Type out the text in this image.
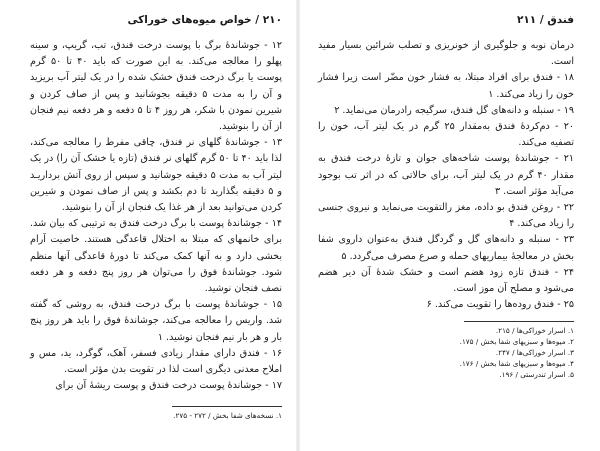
۲۱۰ / خواص میوه‌های خوراکی

۱۲ - جوشاندهٔ برگ با پوست درخت فندق، تب، گریپ، و سینه پهلو را معالجه می‌کند. به این صورت که باید ۴۰ تا ۵۰ گرم پوست یا برگ درخت فندق خشک شده را در یک لیتر آب بریزید و آن را به مدت ۵ دقیقه بجوشانید و پس از صاف کردن و شیرین نمودن با شکر، هر روز ۴ تا ۵ دفعه و هر دفعه نیم فنجان از آن را بنوشید.

۱۳ - جوشاندهٔ گلهای نر فندق، چاقی مفرط را معالجه می‌کند، لذا باید ۴۰ تا ۵۰ گرم گلهای نر فندق (تازه یا خشک آن را) در یک لیتر آب به مدت ۵ دقیقه جوشانید و سپس از روی آتش برداریـد و ۵ دقیقه بگذارید تا دم بکشد و پس از صاف نمودن و شیرین کردن می‌توانید بعد از هر غذا یک فنجان از آن را بنوشید.

۱۴ - جوشاندهٔ پوست با برگ درخت فندق به ترتیبی که بیان شد. برای خانمهای که مبتلا به اختلال قاعدگی هستند. خاصیت آرام بخشی دارد و به آنها کمک می‌کند تا دورهٔ قاعدگی آنها منظم شود. جوشاندهٔ فوق را می‌توان هر روز پنج دفعه و هر دفعه نصف فنجان نوشید.

۱۵ - جوشاندهٔ پوست با برگ درخت فندق، به روشی که گفته شد. واریس را معالجه می‌کند، جوشاندهٔ فوق را باید هر روز پنج بار و هر بار نیم فنجان نوشید. ۱

۱۶ - فندق دارای مقدار زیادی فسفر، آهک، گوگرد، ید، مس و املاح معدنی دیگری است لذا در تقویت بدن مؤثر است.

۱۷ - جوشاندهٔ پوست درخت فندق و پوست ریشهٔ آن برای

۱. نسخه‌های شفا بخش / ۲۷۲ - ۲۷۵.

فندق / ۲۱۱

درمان نوبه و جلوگیری از خونریزی و تصلب شرائین بسیار مفید است.

۱۸ - فندق برای افراد مبتلا، به فشار خون مضّر است زیرا فشار خون را زیاد می‌کند. ۱

۱۹ - سنبله و دانه‌های گل فندق، سرگیجه رادرمان می‌نماید. ۲

۲۰ - دم‌کردهٔ فندق به‌مقدار ۲۵ گرم در یک لیتر آب، خون را تصفیه می‌کند.

۲۱ - جوشاندهٔ پوست شاخه‌های جوان و تازهٔ درخت فندق به مقدار ۴۰ گرم در یک لیتر آب، برای حالاتی که در اثر تب بوجود می‌آید مؤثر است. ۳

۲۲ - روغن فندق بو داده، مغز رالتقویت می‌نماید و نیروی جنسی را زیاد می‌کند. ۴

۲۳ - سنبله و دانه‌های گل و گردگل فندق به‌عنوان دارو‌ی شفا بخش در معالجهٔ بیماریهای حمله و صرع مصرف می‌گردد. ۵

۲۴ - فندق تازه زود هضم است و خشک شدهٔ آن دیر هضم می‌شود و مصلح آن موز است.

۲۵ - فندق روده‌ها را تقویت می‌کند. ۶

۱. اسرار خوراکی‌ها / ۲۱۵.

۲. میوه‌ها و سبزیهای شفا بخش / ۱۷۵.

۳. اسرار خوراکی‌ها / ۲۴۷.

۴. میوه‌ها و سبزیهای شفا بخش / ۱۷۶.

۵. اسرار تندرستی / ۱۹۶.
